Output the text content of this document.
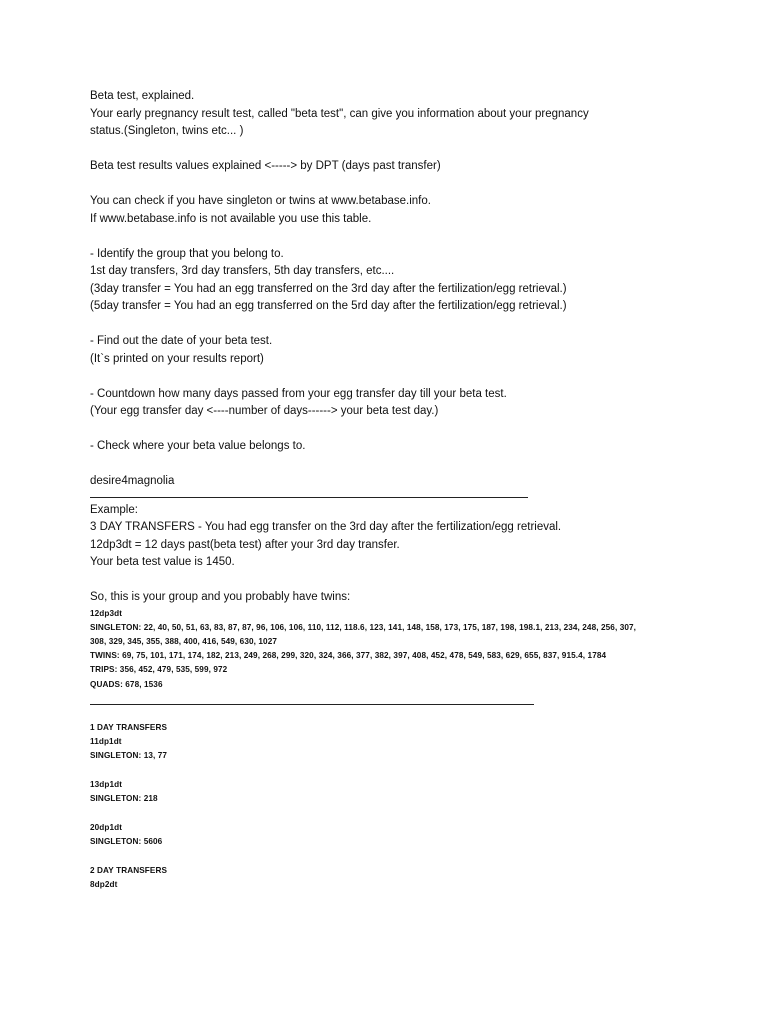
Beta test, explained.

Your early pregnancy result test, called "beta test", can give you information about your pregnancy

status.(Singleton, twins etc... )

Beta test results values explained <-----> by DPT (days past transfer)

You can check if you have singleton or twins at www.betabase.info.

If www.betabase.info is not available you use this table.

- Identify the group that you belong to.

1st day transfers, 3rd day transfers, 5th day transfers, etc....

(3day transfer = You had an egg transferred on the 3rd day after the fertilization/egg retrieval.)

(5day transfer = You had an egg transferred on the 5rd day after the fertilization/egg retrieval.)

- Find out the date of your beta test.

(It`s printed on your results report)

- Countdown how many days passed from your egg transfer day till your beta test.

(Your egg transfer day <----number of days------> your beta test day.)

- Check where your beta value belongs to.

desire4magnolia

Example:

3 DAY TRANSFERS - You had egg transfer on the 3rd day after the fertilization/egg retrieval.

12dp3dt = 12 days past(beta test) after your 3rd day transfer.

Your beta test value is 1450.

So, this is your group and you probably have twins:

12dp3dt

SINGLETON: 22, 40, 50, 51, 63, 83, 87, 87, 96, 106, 106, 110, 112, 118.6, 123, 141, 148, 158, 173, 175, 187, 198, 198.1, 213, 234, 248, 256, 307,

308, 329, 345, 355, 388, 400, 416, 549, 630, 1027

TWINS: 69, 75, 101, 171, 174, 182, 213, 249, 268, 299, 320, 324, 366, 377, 382, 397, 408, 452, 478, 549, 583, 629, 655, 837, 915.4, 1784

TRIPS: 356, 452, 479, 535, 599, 972

QUADS: 678, 1536

1 DAY TRANSFERS

11dp1dt

SINGLETON: 13, 77

13dp1dt

SINGLETON: 218

20dp1dt

SINGLETON: 5606

2 DAY TRANSFERS

8dp2dt
